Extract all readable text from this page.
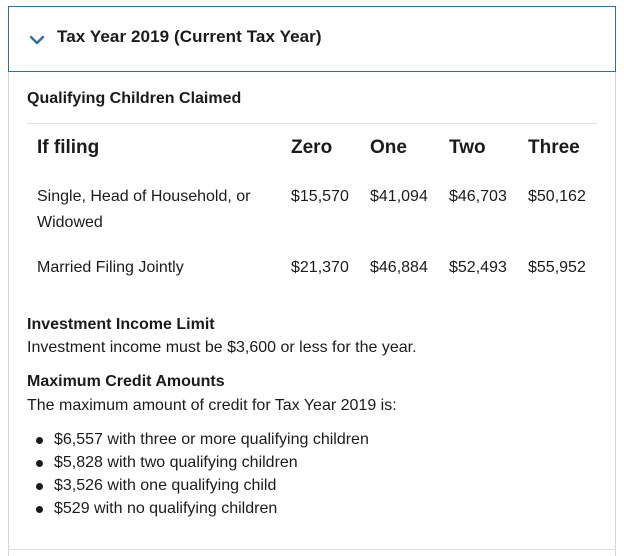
Tax Year 2019 (Current Tax Year)
Qualifying Children Claimed
If filing	Zero One Two Three
Single, Head of Household, or
Widowed
$15,570 $41,094 $46,703 $50,162
Married Filing Jointly	$21,370 $46,884 $52,493 $55,952
Investment Income Limit
Investment income must be $3,600 or less for the year.
Maximum Credit Amounts
The maximum amount of credit for Tax Year 2019 is:
$6,557 with three or more qualifying children
$5,828 with two qualifying children
$3,526 with one qualifying child
$529 with no qualifying children
